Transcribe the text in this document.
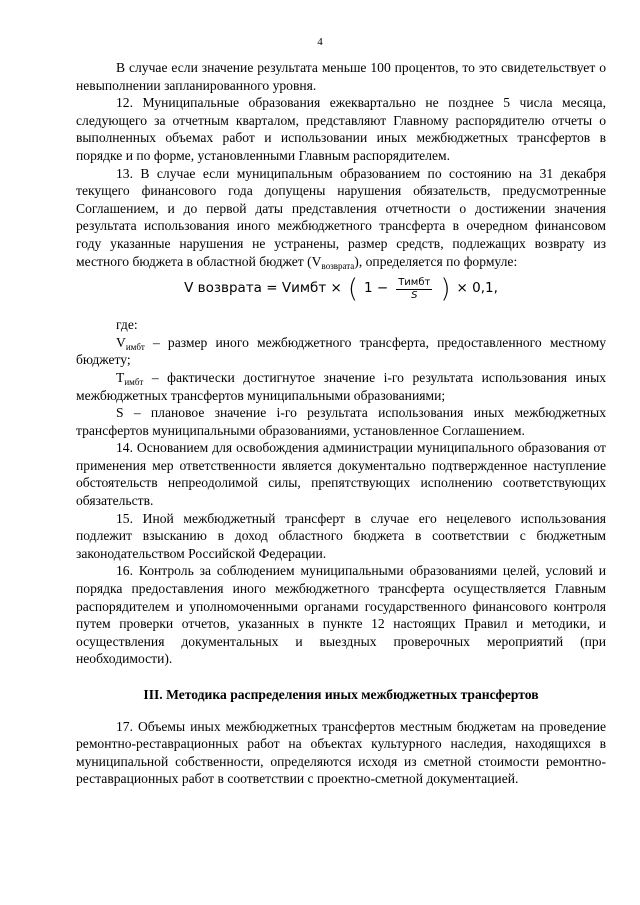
4

В случае если значение результата меньше 100 процентов, то это свидетельствует о невыполнении запланированного уровня.

12. Муниципальные образования ежеквартально не позднее 5 числа месяца, следующего за отчетным кварталом, представляют Главному распорядителю отчеты о выполненных объемах работ и использовании иных межбюджетных трансфертов в порядке и по форме, установленными Главным распорядителем.

13. В случае если муниципальным образованием по состоянию на 31 декабря текущего финансового года допущены нарушения обязательств, предусмотренные Соглашением, и до первой даты представления отчетности о достижении значения результата использования иного межбюджетного трансферта в очередном финансовом году указанные нарушения не устранены, размер средств, подлежащих возврату из местного бюджета в областной бюджет $(V_{возврата})$, определяется по формуле:

V возврата = Vимбт × ( $1 - \frac{\text{Tимбт}}{S}$ ) × 0,1,

где:

$V_{имбт}$ – размер иного межбюджетного трансферта, предоставленного местному бюджету;

$T_{имбт}$ – фактически достигнутое значение i-го результата использования иных межбюджетных трансфертов муниципальными образованиями;

S – плановое значение i-го результата использования иных межбюджетных трансфертов муниципальными образованиями, установленное Соглашением.

14. Основанием для освобождения администрации муниципального образования от применения мер ответственности является документально подтвержденное наступление обстоятельств непреодолимой силы, препятствующих исполнению соответствующих обязательств.

15. Иной межбюджетный трансферт в случае его нецелевого использования подлежит взысканию в доход областного бюджета в соответствии с бюджетным законодательством Российской Федерации.

16. Контроль за соблюдением муниципальными образованиями целей, условий и порядка предоставления иного межбюджетного трансферта осуществляется Главным распорядителем и уполномоченными органами государственного финансового контроля путем проверки отчетов, указанных в пункте 12 настоящих Правил и методики, и осуществления документальных и выездных проверочных мероприятий (при необходимости).

III. Методика распределения иных межбюджетных трансфертов

17. Объемы иных межбюджетных трансфертов местным бюджетам на проведение ремонтно-реставрационных работ на объектах культурного наследия, находящихся в муниципальной собственности, определяются исходя из сметной стоимости ремонтно-реставрационных работ в соответствии с проектно-сметной документацией.
